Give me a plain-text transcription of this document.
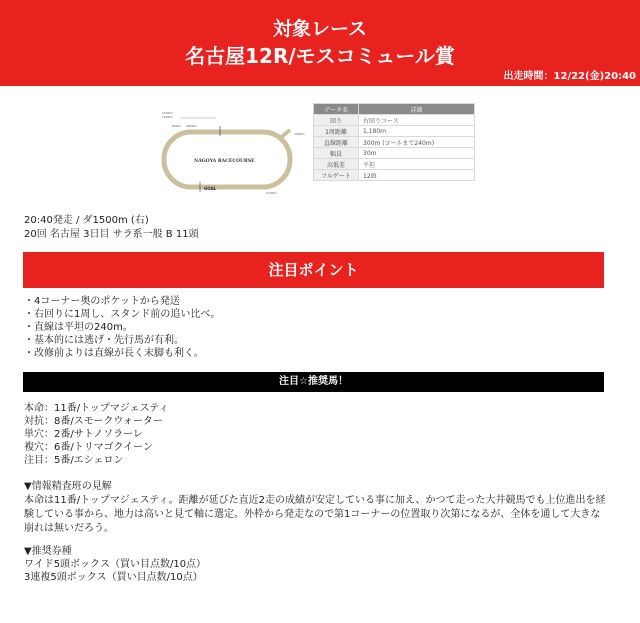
対象レース
名古屋12R/モスコミュール賞
出走時間：12/22(金)20:40
NAGOYA RACECOURSE
GOAL
1100m
1200m
800m 2000m
1400m
1700m
データ名	詳細
回り	右回りコース
1周距離	1,180m
直線距離	300m (ゴールまで240m)
幅員	30m
高低差	平坦
フルゲート	12頭
20:40発走 / ダ1500m (右)
20回 名古屋 3日目 サラ系一般 B 11頭
注目ポイント
・4コーナー奥のポケットから発送
・右回りに1周し、スタンド前の追い比べ。
・直線は平坦の240m。
・基本的には逃げ・先行馬が有利。
・改修前よりは直線が長く末脚も利く。
注目☆推奨馬！
本命：11番/トップマジェスティ
対抗：8番/スモークウォーター
単穴：2番/サトノソラーレ
複穴：6番/トリマゴクイーン
注目：5番/エシェロン
▼情報精査班の見解

本命は11番/トップマジェスティ。距離が延びた直近2走の成績が安定している事に加え、かつて走った大井競馬でも上位進出を経験している事から、地力は高いと見て軸に選定。外枠から発走なので第1コーナーの位置取り次第になるが、全体を通して大きな崩れは無いだろう。

▼推奨券種
ワイド5頭ボックス（買い目点数/10点）
3連複5頭ボックス（買い目点数/10点）
